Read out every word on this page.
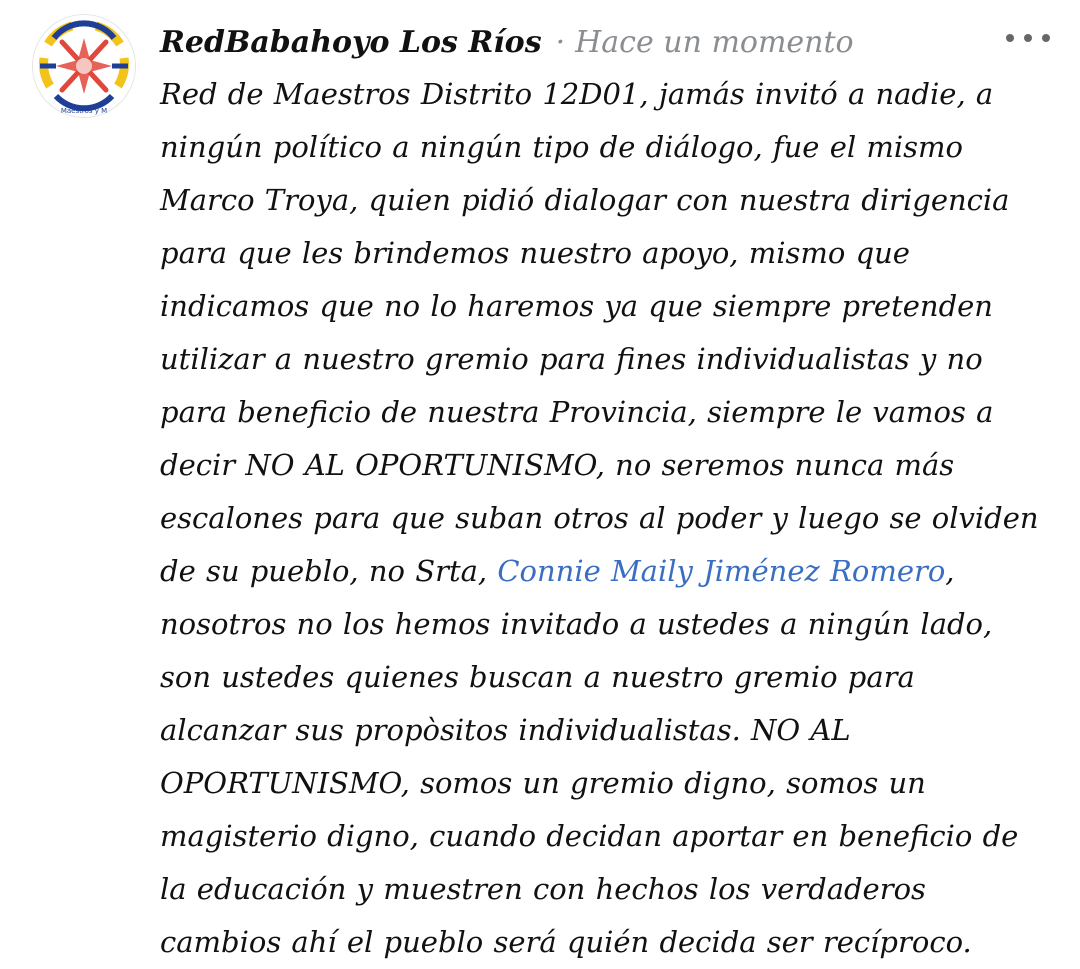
Maestros y M
RedBabahoyo Los Ríos · Hace un momento

Red de Maestros Distrito 12D01, jamás invitó a nadie, a ningún político a ningún tipo de diálogo, fue el mismo Marco Troya, quien pidió dialogar con nuestra dirigencia para que les brindemos nuestro apoyo, mismo que indicamos que no lo haremos ya que siempre pretenden utilizar a nuestro gremio para fines individualistas y no para beneficio de nuestra Provincia, siempre le vamos a decir NO AL OPORTUNISMO, no seremos nunca más escalones para que suban otros al poder y luego se olviden de su pueblo, no Srta, Connie Maily Jiménez Romero, nosotros no los hemos invitado a ustedes a ningún lado, son ustedes quienes buscan a nuestro gremio para alcanzar sus propòsitos individualistas. NO AL OPORTUNISMO, somos un gremio digno, somos un magisterio digno, cuando decidan aportar en beneficio de la educación y muestren con hechos los verdaderos cambios ahí el pueblo será quién decida ser recíproco.
